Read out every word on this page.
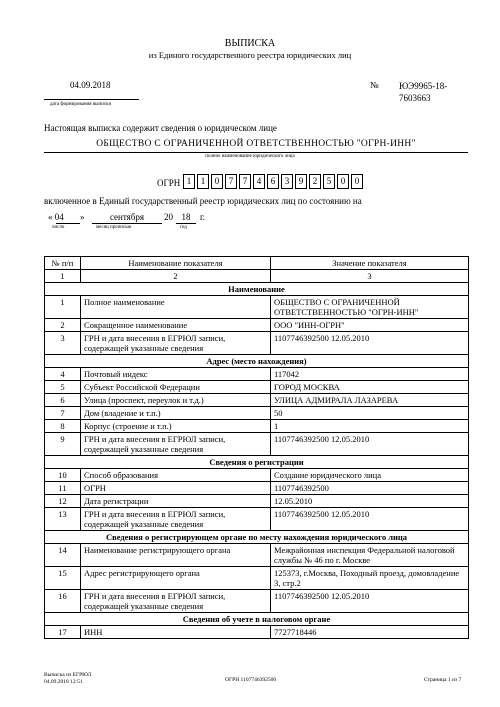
ВЫПИСКА
из Единого государственного реестра юридических лиц
04.09.2018
дата формирования выписки
№ ЮЭ9965-18-7603663
Настоящая выписка содержит сведения о юридическом лице
ОБЩЕСТВО С ОГРАНИЧЕННОЙ ОТВЕТСТВЕННОСТЬЮ "ОГРН-ИНН"
полное наименование юридического лица
ОГРН 1	1	0	7	7	4	6	3	9	2	5	0	0
включенное в Единый государственный реестр юридических лиц по состоянию на
« 04 »	сентября	20 18	г.
число	месяц прописью	год
№ п/п	Наименование показателя	Значение показателя
1	2	3
Наименование		
1	Полное наименование	ОБЩЕСТВО С ОГРАНИЧЕННОЙ ОТВЕТСТВЕННОСТЬЮ "ОГРН-ИНН"
2	Сокращенное наименование	ООО "ИНН-ОГРН"
3	ГРН и дата внесения в ЕГРЮЛ записи, содержащей указанные сведения	1107746392500 12.05.2010
Адрес (место нахождения)		
4	Почтовый индекс	117042
5	Субъект Российской Федерации	ГОРОД МОСКВА
6	Улица (проспект, переулок и т.д.)	УЛИЦА АДМИРАЛА ЛАЗАРЕВА
7	Дом (владение и т.п.)	50
8	Корпус (строение и т.п.)	1
9	ГРН и дата внесения в ЕГРЮЛ записи, содержащей указанные сведения	1107746392500 12.05.2010
Сведения о регистрации		
10	Способ образования	Создание юридического лица
11	ОГРН	1107746392500
12	Дата регистрации	12.05.2010
13	ГРН и дата внесения в ЕГРЮЛ записи, содержащей указанные сведения	1107746392500 12.05.2010
Сведения о регистрирующем органе по месту нахождения юридического лица		
14	Наименование регистрирующего органа	Межрайонная инспекция Федеральной налоговой службы № 46 по г. Москве
15	Адрес регистрирующего органа	125373, г.Москва, Походный проезд, домовладение 3, стр.2
16	ГРН и дата внесения в ЕГРЮЛ записи, содержащей указанные сведения	1107746392500 12.05.2010
Сведения об учете в налоговом органе		
17	ИНН	7727718446
Выписка из ЕГРЮЛ
04.09.2018 12:51	ОГРН 1107746392500	Страница 1 из 7
